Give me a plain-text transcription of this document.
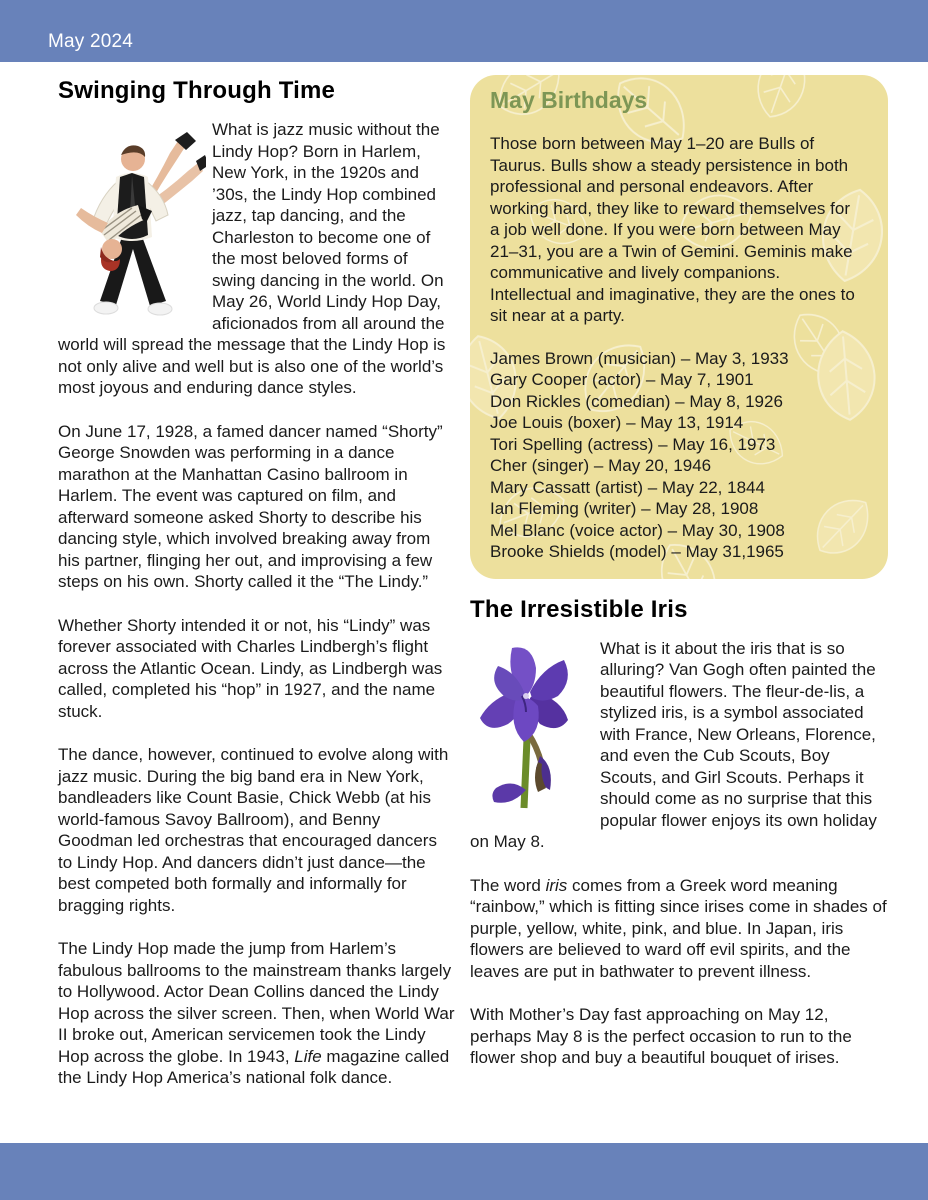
May 2024
Swinging Through Time

What is jazz music without the Lindy Hop? Born in Harlem, New York, in the 1920s and ’30s, the Lindy Hop combined jazz, tap dancing, and the Charleston to become one of the most beloved forms of swing dancing in the world. On May 26, World Lindy Hop Day, aficionados from all around the world will spread the message that the Lindy Hop is not only alive and well but is also one of the world’s most joyous and enduring dance styles.

On June 17, 1928, a famed dancer named “Shorty” George Snowden was performing in a dance marathon at the Manhattan Casino ballroom in Harlem. The event was captured on film, and afterward someone asked Shorty to describe his dancing style, which involved breaking away from his partner, flinging her out, and improvising a few steps on his own. Shorty called it the “The Lindy.”

Whether Shorty intended it or not, his “Lindy” was forever associated with Charles Lindbergh’s flight across the Atlantic Ocean. Lindy, as Lindbergh was called, completed his “hop” in 1927, and the name stuck.

The dance, however, continued to evolve along with jazz music. During the big band era in New York, bandleaders like Count Basie, Chick Webb (at his world-famous Savoy Ballroom), and Benny Goodman led orchestras that encouraged dancers to Lindy Hop. And dancers didn’t just dance—the best competed both formally and informally for bragging rights.

The Lindy Hop made the jump from Harlem’s fabulous ballrooms to the mainstream thanks largely to Hollywood. Actor Dean Collins danced the Lindy Hop across the silver screen. Then, when World War II broke out, American servicemen took the Lindy Hop across the globe. In 1943, Life magazine called the Lindy Hop America’s national folk dance.

May Birthdays

Those born between May 1–20 are Bulls of Taurus. Bulls show a steady persistence in both professional and personal endeavors. After working hard, they like to reward themselves for a job well done. If you were born between May 21–31, you are a Twin of Gemini. Geminis make communicative and lively companions. Intellectual and imaginative, they are the ones to sit near at a party.

James Brown (musician) – May 3, 1933
Gary Cooper (actor) – May 7, 1901
Don Rickles (comedian) – May 8, 1926
Joe Louis (boxer) – May 13, 1914
Tori Spelling (actress) – May 16, 1973
Cher (singer) – May 20, 1946
Mary Cassatt (artist) – May 22, 1844
Ian Fleming (writer) – May 28, 1908
Mel Blanc (voice actor) – May 30, 1908
Brooke Shields (model) – May 31,1965
The Irresistible Iris

What is it about the iris that is so alluring? Van Gogh often painted the beautiful flowers. The fleur-de-lis, a stylized iris, is a symbol associated with France, New Orleans, Florence, and even the Cub Scouts, Boy Scouts, and Girl Scouts. Perhaps it should come as no surprise that this popular flower enjoys its own holiday on May 8.

The word iris comes from a Greek word meaning “rainbow,” which is fitting since irises come in shades of purple, yellow, white, pink, and blue. In Japan, iris flowers are believed to ward off evil spirits, and the leaves are put in bathwater to prevent illness.

With Mother’s Day fast approaching on May 12, perhaps May 8 is the perfect occasion to run to the flower shop and buy a beautiful bouquet of irises.
